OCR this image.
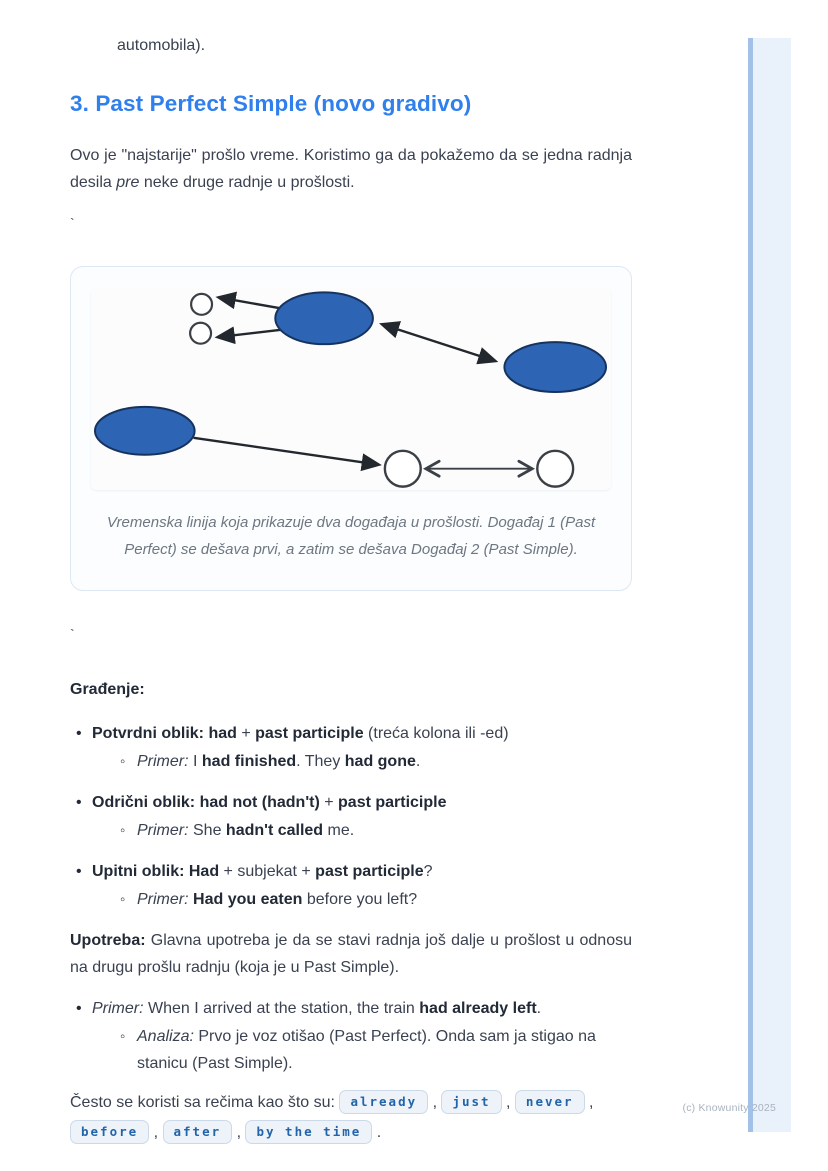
(c) Knowunity 2025

automobila).

3. Past Perfect Simple (novo gradivo)

Ovo je "najstarije" prošlo vreme. Koristimo ga da pokažemo da se jedna radnja desila pre neke druge radnje u prošlosti.

`

Vremenska linija koja prikazuje dva događaja u prošlosti. Događaj 1 (Past Perfect) se dešava prvi, a zatim se dešava Događaj 2 (Past Simple).

`

Građenje:

• Potvrdni oblik: had + past participle (treća kolona ili -ed)
◦ Primer: I had finished. They had gone.
• Odrični oblik: had not (hadn't) + past participle
◦ Primer: She hadn't called me.
• Upitni oblik: Had + subjekat + past participle?
◦ Primer: Had you eaten before you left?

Upotreba: Glavna upotreba je da se stavi radnja još dalje u prošlost u odnosu na drugu prošlu radnju (koja je u Past Simple).

• Primer: When I arrived at the station, the train had already left.
◦ Analiza: Prvo je voz otišao (Past Perfect). Onda sam ja stigao na stanicu (Past Simple).

Često se koristi sa rečima kao što su: already , just , never , before , after , by the time .
